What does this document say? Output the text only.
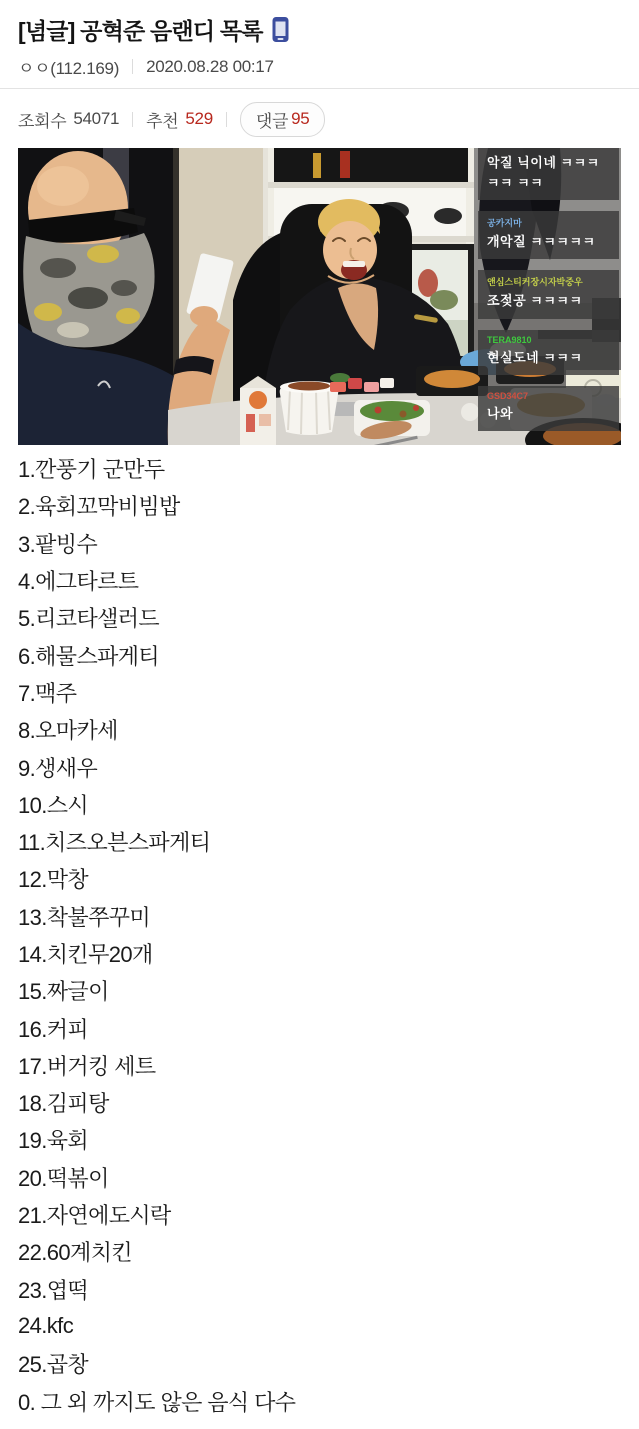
[념글] 공혁준 음랜디 목록
ㅇㅇ(112.169) 2020.08.28 00:17
조회수 54071 추천 529	댓글 95
악질 닉이네 ㅋㅋㅋㅋㅋ ㅋㅋ
공카지마
개악질 ㅋㅋㅋㅋㅋ
앤심스티커장시자박중우
조젖공 ㅋㅋㅋㅋ
TERA9810
현실도네 ㅋㅋㅋ
GSD34C7
나와
1.깐풍기 군만두
2.육회꼬막비빔밥
3.팥빙수
4.에그타르트
5.리코타샐러드
6.해물스파게티
7.맥주
8.오마카세
9.생새우
10.스시
11.치즈오븐스파게티
12.막창
13.착불쭈꾸미
14.치킨무20개
15.짜글이
16.커피
17.버거킹 세트
18.김피탕
19.육회
20.떡볶이
21.자연에도시락
22.60계치킨
23.엽떡
24.kfc
25.곱창
0. 그 외 까지도 않은 음식 다수
